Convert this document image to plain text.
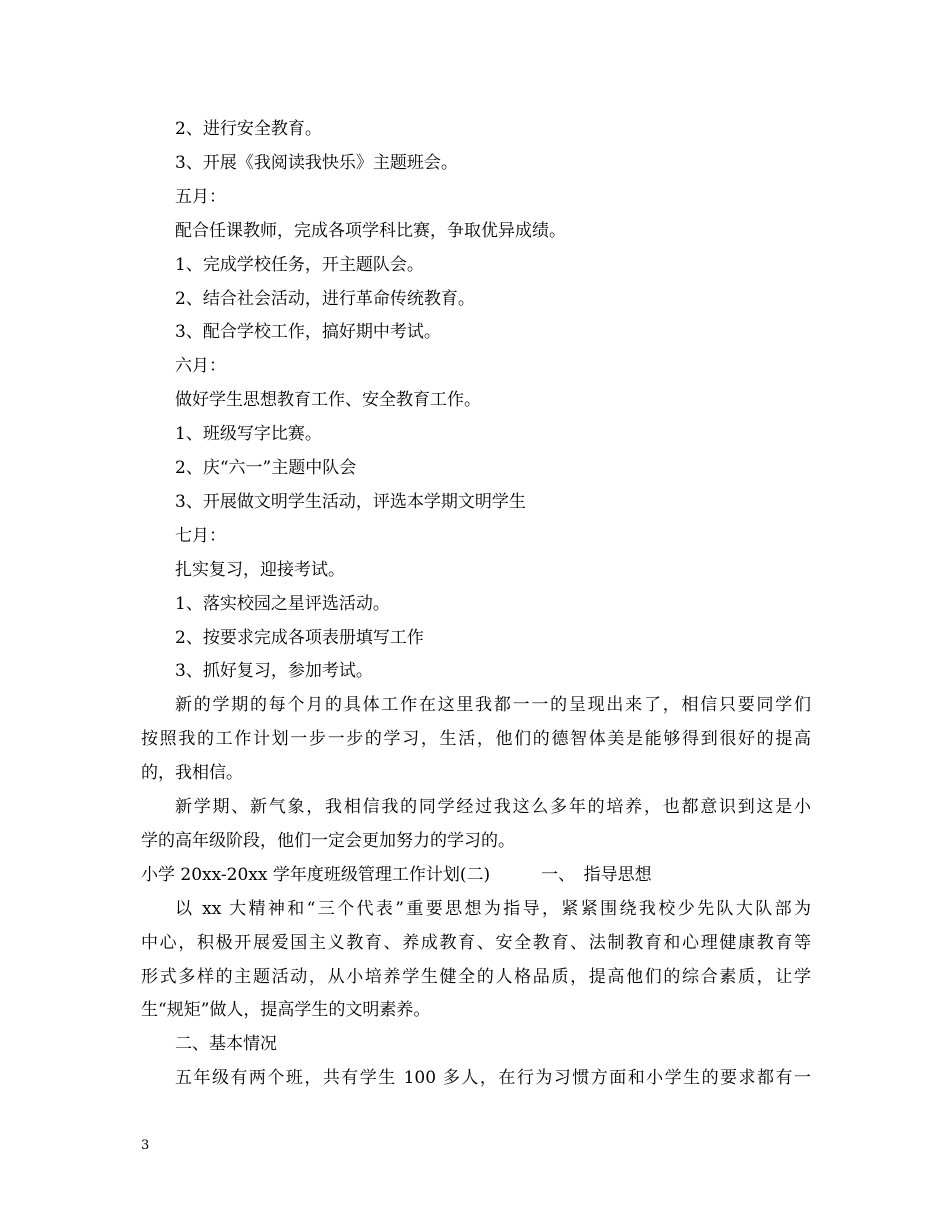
2、进行安全教育。
3、开展《我阅读我快乐》主题班会。
五月：
配合任课教师，完成各项学科比赛，争取优异成绩。
1、完成学校任务，开主题队会。
2、结合社会活动，进行革命传统教育。
3、配合学校工作，搞好期中考试。
六月：
做好学生思想教育工作、安全教育工作。
1、班级写字比赛。
2、庆“六一”主题中队会
3、开展做文明学生活动，评选本学期文明学生
七月：
扎实复习，迎接考试。
1、落实校园之星评选活动。
2、按要求完成各项表册填写工作
3、抓好复习，参加考试。
新的学期的每个月的具体工作在这里我都一一的呈现出来了，相信只要同学们
按照我的工作计划一步一步的学习，生活，他们的德智体美是能够得到很好的提高
的，我相信。
新学期、新气象，我相信我的同学经过我这么多年的培养，也都意识到这是小
学的高年级阶段，他们一定会更加努力的学习的。
小学 20xx-20xx 学年度班级管理工作计划(二)　　　一、　指导思想
以 xx 大精神和“三个代表”重要思想为指导，紧紧围绕我校少先队大队部为
中心，积极开展爱国主义教育、养成教育、安全教育、法制教育和心理健康教育等
形式多样的主题活动，从小培养学生健全的人格品质，提高他们的综合素质，让学
生“规矩”做人，提高学生的文明素养。
二、基本情况
五年级有两个班，共有学生 100 多人，在行为习惯方面和小学生的要求都有一
3
